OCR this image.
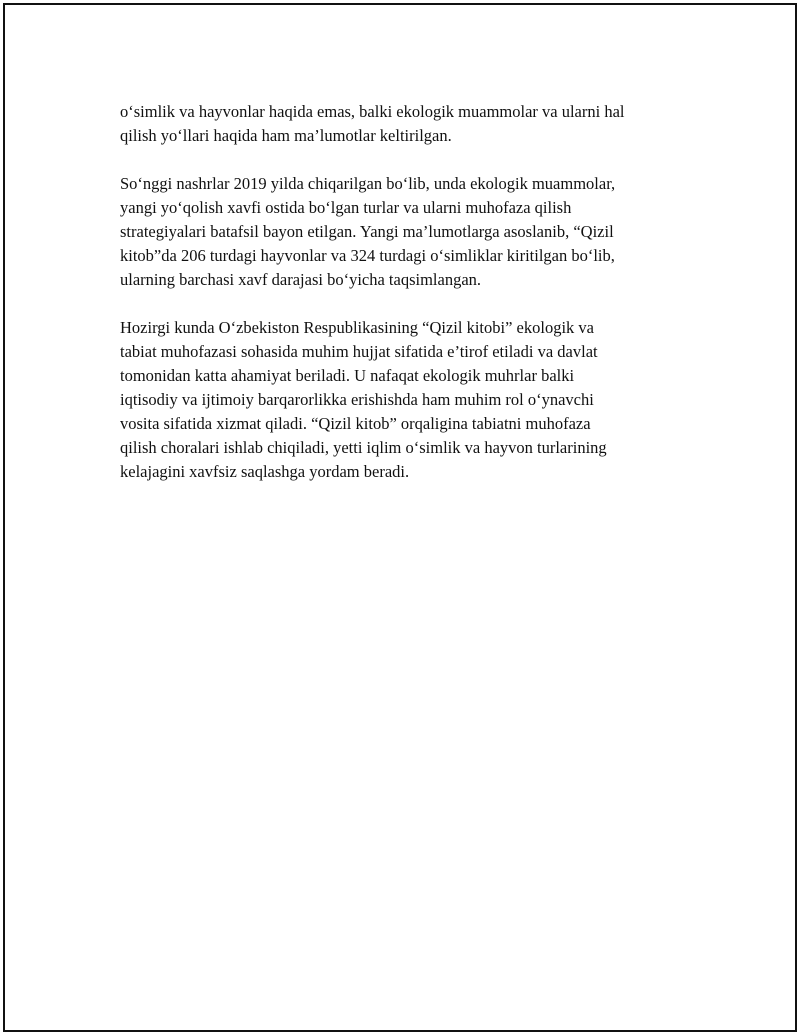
o‘simlik va hayvonlar haqida emas, balki ekologik muammolar va ularni hal
qilish yo‘llari haqida ham ma’lumotlar keltirilgan.

So‘nggi nashrlar 2019 yilda chiqarilgan bo‘lib, unda ekologik muammolar,
yangi yo‘qolish xavfi ostida bo‘lgan turlar va ularni muhofaza qilish
strategiyalari batafsil bayon etilgan. Yangi ma’lumotlarga asoslanib, “Qizil
kitob”da 206 turdagi hayvonlar va 324 turdagi o‘simliklar kiritilgan bo‘lib,
ularning barchasi xavf darajasi bo‘yicha taqsimlangan.

Hozirgi kunda O‘zbekiston Respublikasining “Qizil kitobi” ekologik va
tabiat muhofazasi sohasida muhim hujjat sifatida e’tirof etiladi va davlat
tomonidan katta ahamiyat beriladi. U nafaqat ekologik muhrlar balki
iqtisodiy va ijtimoiy barqarorlikka erishishda ham muhim rol o‘ynavchi
vosita sifatida xizmat qiladi. “Qizil kitob” orqaligina tabiatni muhofaza
qilish choralari ishlab chiqiladi, yetti iqlim o‘simlik va hayvon turlarining
kelajagini xavfsiz saqlashga yordam beradi.
